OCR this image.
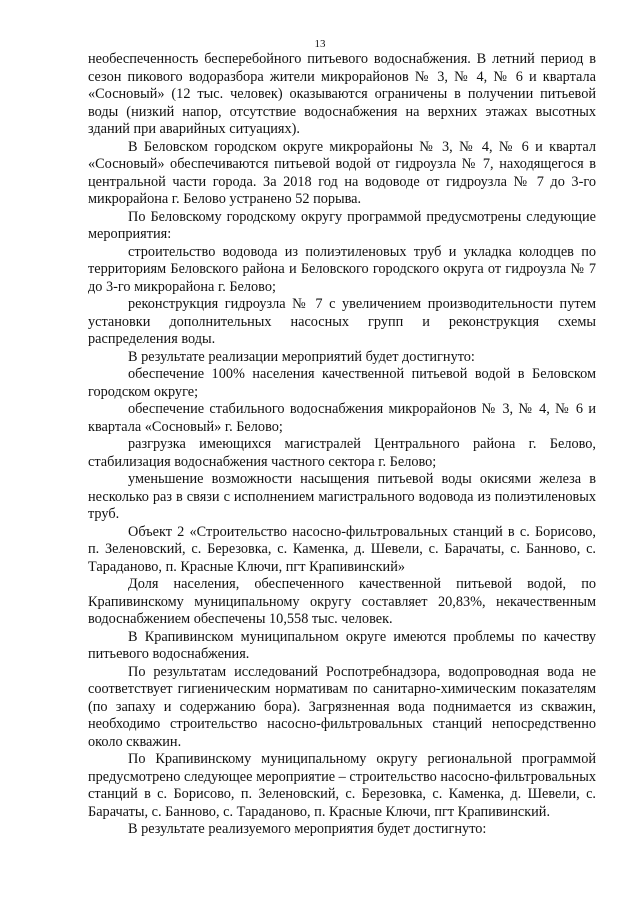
13

необеспеченность бесперебойного питьевого водоснабжения. В летний период в сезон пикового водоразбора жители микрорайонов № 3, № 4, № 6 и квартала «Сосновый» (12 тыс. человек) оказываются ограничены в получении питьевой воды (низкий напор, отсутствие водоснабжения на верхних этажах высотных зданий при аварийных ситуациях).

В Беловском городском округе микрорайоны № 3, № 4, № 6 и квартал «Сосновый» обеспечиваются питьевой водой от гидроузла № 7, находящегося в центральной части города. За 2018 год на водоводе от гидроузла № 7 до 3-го микрорайона г. Белово устранено 52 порыва.

По Беловскому городскому округу программой предусмотрены следующие мероприятия:

строительство водовода из полиэтиленовых труб и укладка колодцев по территориям Беловского района и Беловского городского округа от гидроузла № 7 до 3-го микрорайона г. Белово;

реконструкция гидроузла № 7 с увеличением производительности путем установки дополнительных насосных групп и реконструкция схемы распределения воды.

В результате реализации мероприятий будет достигнуто:

обеспечение 100% населения качественной питьевой водой в Беловском городском округе;

обеспечение стабильного водоснабжения микрорайонов № 3, № 4, № 6 и квартала «Сосновый» г. Белово;

разгрузка имеющихся магистралей Центрального района г. Белово, стабилизация водоснабжения частного сектора г. Белово;

уменьшение возможности насыщения питьевой воды окисями железа в несколько раз в связи с исполнением магистрального водовода из полиэтиленовых труб.

Объект 2 «Строительство насосно-фильтровальных станций в с. Борисово, п. Зеленовский, с. Березовка, с. Каменка, д. Шевели, с. Барачаты, с. Банново, с. Тараданово, п. Красные Ключи, пгт Крапивинский»

Доля населения, обеспеченного качественной питьевой водой, по Крапивинскому муниципальному округу составляет 20,83%, некачественным водоснабжением обеспечены 10,558 тыс. человек.

В Крапивинском муниципальном округе имеются проблемы по качеству питьевого водоснабжения.

По результатам исследований Роспотребнадзора, водопроводная вода не соответствует гигиеническим нормативам по санитарно-химическим показателям (по запаху и содержанию бора). Загрязненная вода поднимается из скважин, необходимо строительство насосно-фильтровальных станций непосредственно около скважин.

По Крапивинскому муниципальному округу региональной программой предусмотрено следующее мероприятие – строительство насосно-фильтровальных станций в с. Борисово, п. Зеленовский, с. Березовка, с. Каменка, д. Шевели, с. Барачаты, с. Банново, с. Тараданово, п. Красные Ключи, пгт Крапивинский.

В результате реализуемого мероприятия будет достигнуто:
